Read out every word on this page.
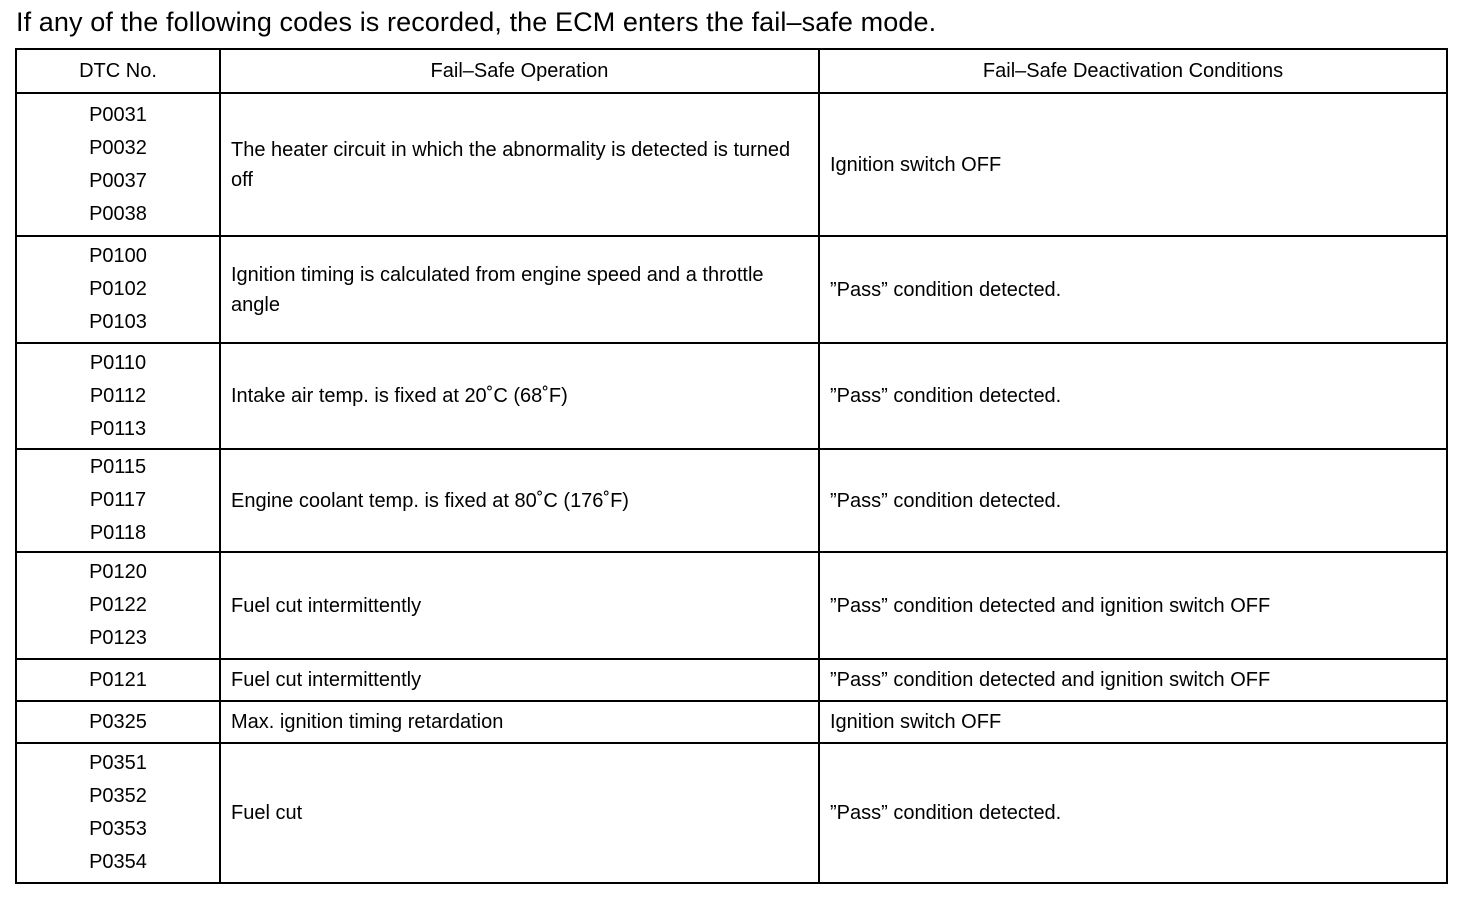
If any of the following codes is recorded, the ECM enters the fail–safe mode.

DTC No.	Fail–Safe Operation	Fail–Safe Deactivation Conditions

P0031
P0032
P0037
P0038	The heater circuit in which the abnormality is detected is turned off	Ignition switch OFF

P0100
P0102
P0103	Ignition timing is calculated from engine speed and a throttle angle	”Pass” condition detected.

P0110
P0112
P0113	Intake air temp. is fixed at 20˚C (68˚F)	”Pass” condition detected.

P0115
P0117
P0118	Engine coolant temp. is fixed at 80˚C (176˚F)	”Pass” condition detected.

P0120
P0122
P0123	Fuel cut intermittently	”Pass” condition detected and ignition switch OFF

P0121	Fuel cut intermittently	”Pass” condition detected and ignition switch OFF

P0325	Max. ignition timing retardation	Ignition switch OFF

P0351
P0352
P0353
P0354	Fuel cut	”Pass” condition detected.
